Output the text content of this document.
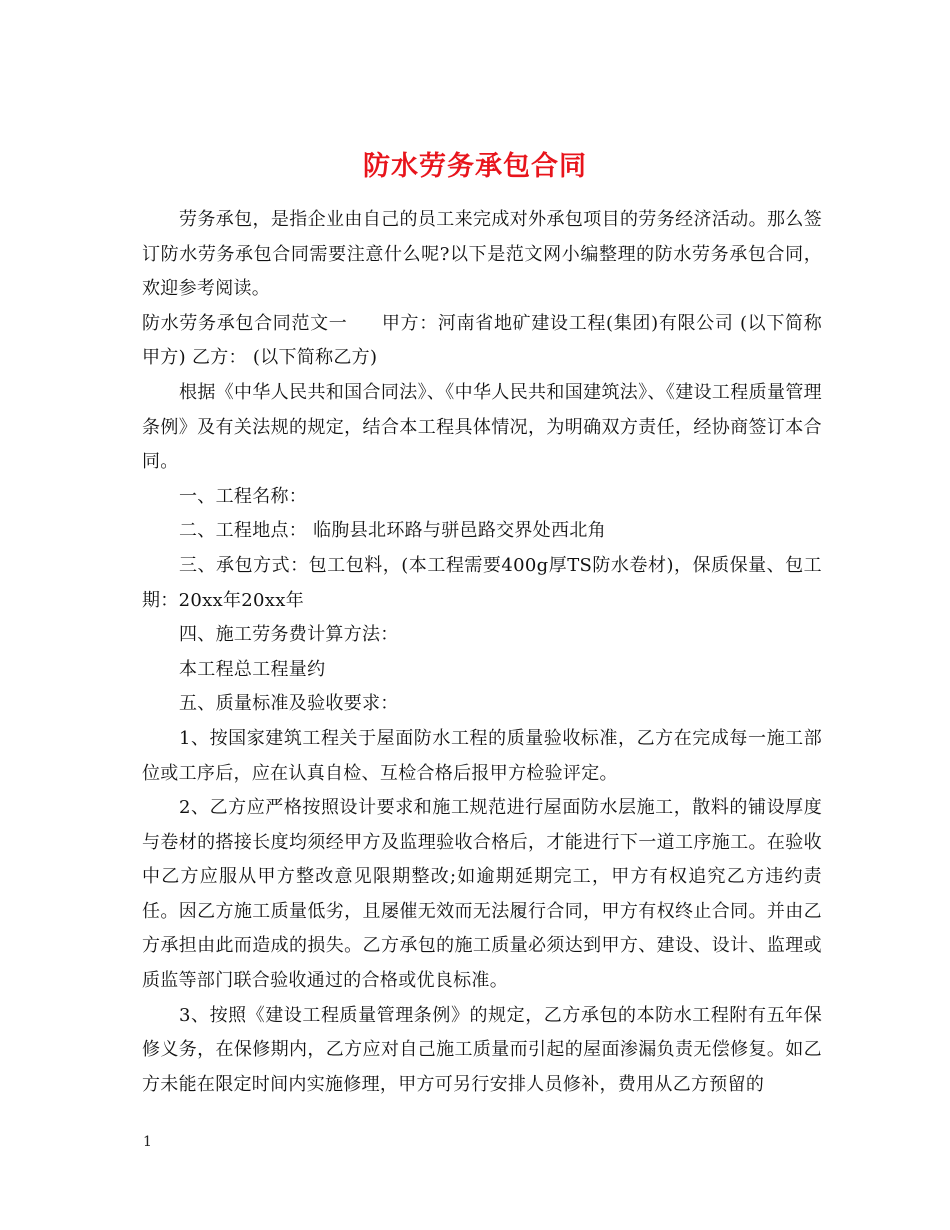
防水劳务承包合同

劳务承包，是指企业由自己的员工来完成对外承包项目的劳务经济活动。那么签订防水劳务承包合同需要注意什么呢?以下是范文网小编整理的防水劳务承包合同，欢迎参考阅读。

防水劳务承包合同范文一 甲方：河南省地矿建设工程(集团)有限公司 (以下简称甲方) 乙方： (以下简称乙方)

根据《中华人民共和国合同法》、《中华人民共和国建筑法》、《建设工程质量管理条例》及有关法规的规定，结合本工程具体情况，为明确双方责任，经协商签订本合同。

一、工程名称：

二、工程地点： 临朐县北环路与骈邑路交界处西北角

三、承包方式：包工包料，(本工程需要400g厚TS防水卷材)，保质保量、包工期：20xx年20xx年

四、施工劳务费计算方法：

本工程总工程量约

五、质量标准及验收要求：

1、按国家建筑工程关于屋面防水工程的质量验收标准，乙方在完成每一施工部位或工序后，应在认真自检、互检合格后报甲方检验评定。

2、乙方应严格按照设计要求和施工规范进行屋面防水层施工，散料的铺设厚度与卷材的搭接长度均须经甲方及监理验收合格后，才能进行下一道工序施工。在验收中乙方应服从甲方整改意见限期整改;如逾期延期完工，甲方有权追究乙方违约责任。因乙方施工质量低劣，且屡催无效而无法履行合同，甲方有权终止合同。并由乙方承担由此而造成的损失。乙方承包的施工质量必须达到甲方、建设、设计、监理或质监等部门联合验收通过的合格或优良标准。

3、按照《建设工程质量管理条例》的规定，乙方承包的本防水工程附有五年保修义务，在保修期内，乙方应对自己施工质量而引起的屋面渗漏负责无偿修复。如乙方未能在限定时间内实施修理，甲方可另行安排人员修补，费用从乙方预留的

1
